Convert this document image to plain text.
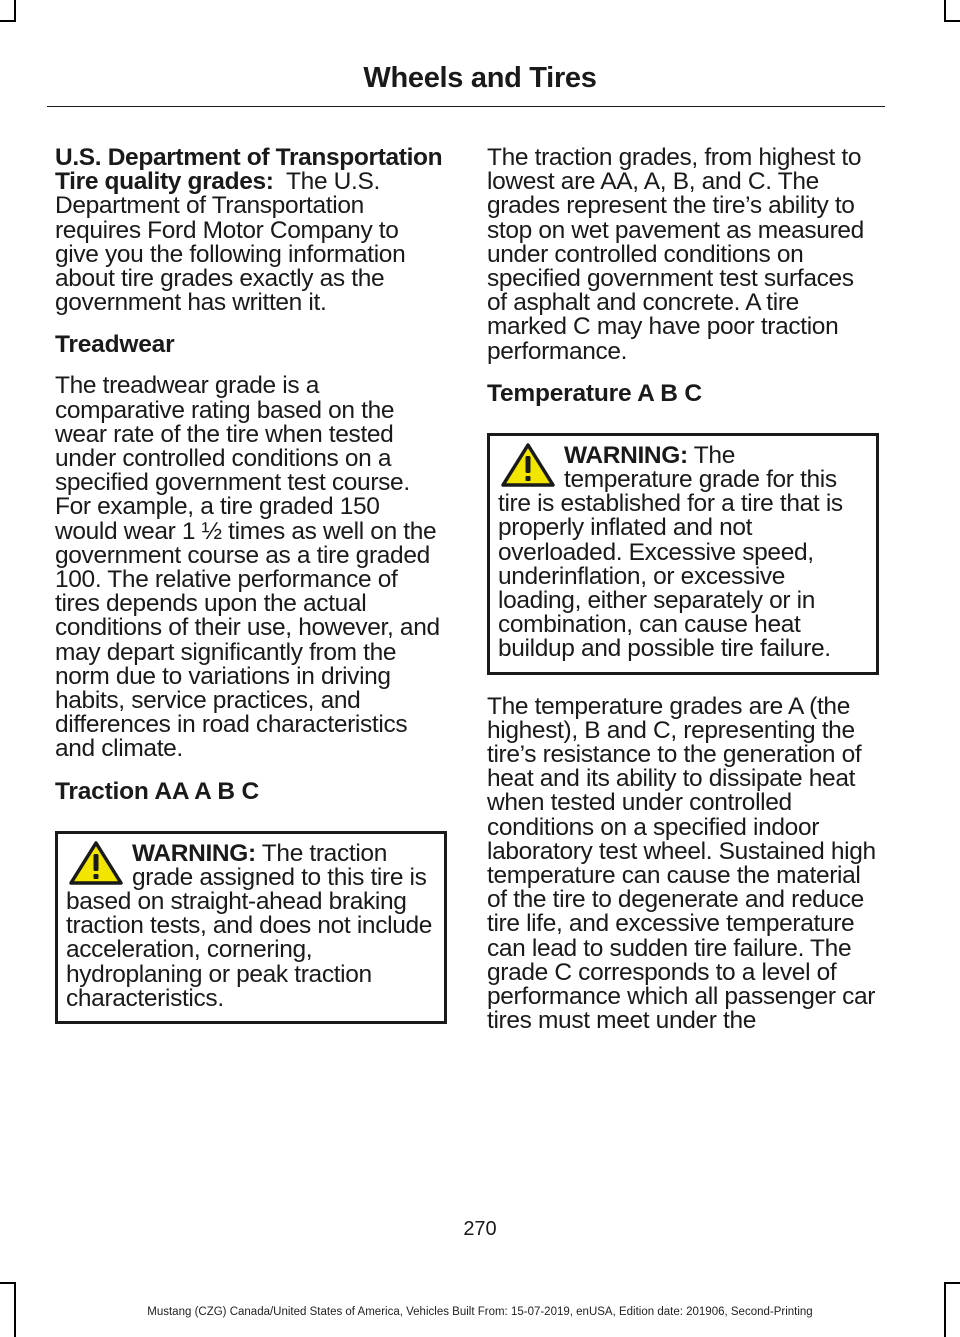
Wheels and Tires

U.S. Department of Transportation Tire quality grades: The U.S. Department of Transportation requires Ford Motor Company to give you the following information about tire grades exactly as the government has written it.

Treadwear

The treadwear grade is a comparative rating based on the wear rate of the tire when tested under controlled conditions on a specified government test course. For example, a tire graded 150 would wear 1 ½ times as well on the government course as a tire graded 100. The relative performance of tires depends upon the actual conditions of their use, however, and may depart significantly from the norm due to variations in driving habits, service practices, and differences in road characteristics and climate.

Traction AA A B C
WARNING: The traction grade assigned to this tire is based on straight-ahead braking traction tests, and does not include acceleration, cornering, hydroplaning or peak traction characteristics.

The traction grades, from highest to lowest are AA, A, B, and C. The grades represent the tire’s ability to stop on wet pavement as measured under controlled conditions on specified government test surfaces of asphalt and concrete. A tire marked C may have poor traction performance.

Temperature A B C
WARNING: The temperature grade for this tire is established for a tire that is properly inflated and not overloaded. Excessive speed, underinflation, or excessive loading, either separately or in combination, can cause heat buildup and possible tire failure.

The temperature grades are A (the highest), B and C, representing the tire’s resistance to the generation of heat and its ability to dissipate heat when tested under controlled conditions on a specified indoor laboratory test wheel. Sustained high temperature can cause the material of the tire to degenerate and reduce tire life, and excessive temperature can lead to sudden tire failure. The grade C corresponds to a level of performance which all passenger car tires must meet under the

270
Mustang (CZG) Canada/United States of America, Vehicles Built From: 15-07-2019, enUSA, Edition date: 201906, Second-Printing
